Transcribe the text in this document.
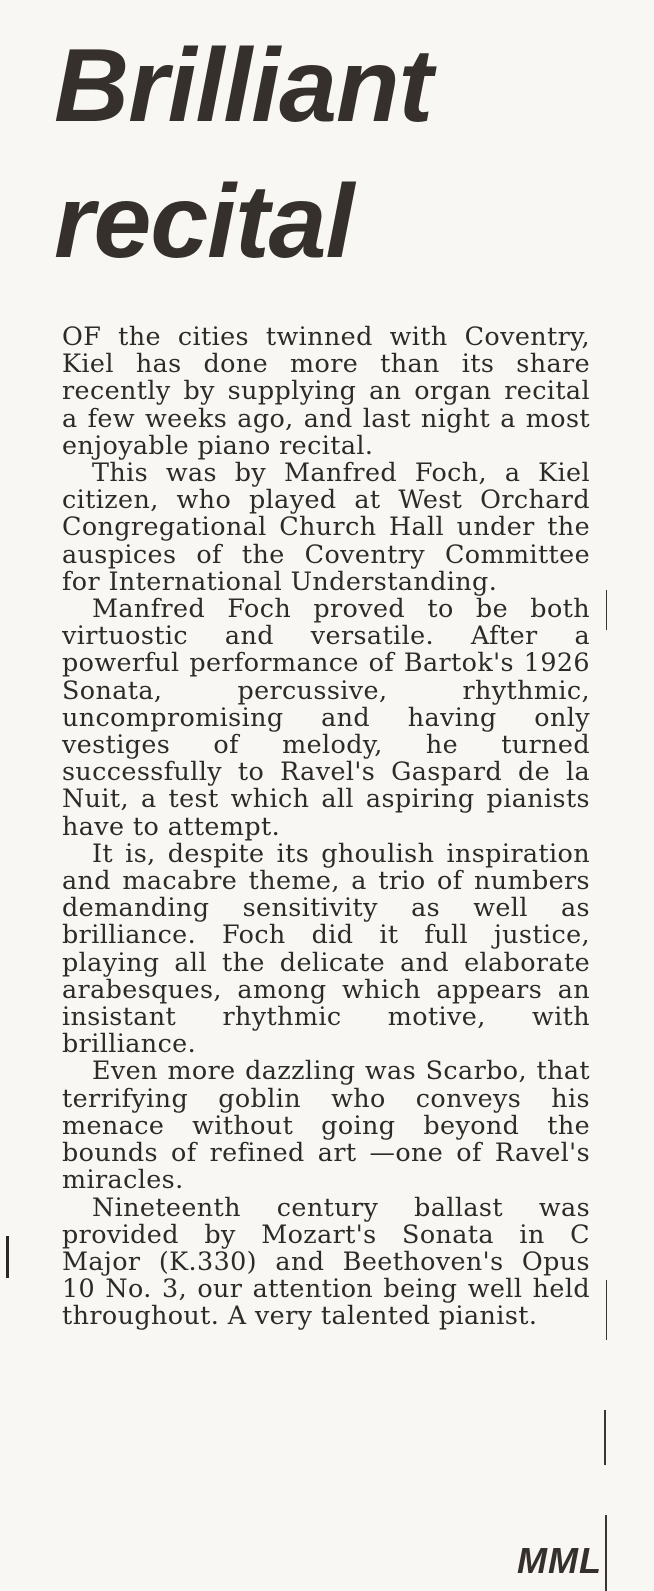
Brilliant
recital

OF the cities twinned with Coventry, Kiel has done more than its share recently by supplying an organ recital a few weeks ago, and last night a most enjoyable piano recital.

This was by Manfred Foch, a Kiel citizen, who played at West Orchard Congregational Church Hall under the auspices of the Coventry Committee for International Understanding.

Manfred Foch proved to be both virtuostic and versatile. After a powerful performance of Bartok's 1926 Sonata, percussive, rhythmic, uncompromising and having only vestiges of melody, he turned successfully to Ravel's Gaspard de la Nuit, a test which all aspiring pianists have to attempt.

It is, despite its ghoulish inspiration and macabre theme, a trio of numbers demanding sensitivity as well as brilliance. Foch did it full justice, playing all the delicate and elaborate arabesques, among which appears an insistant rhythmic motive, with brilliance.

Even more dazzling was Scarbo, that terrifying goblin who conveys his menace without going beyond the bounds of refined art —one of Ravel's miracles.

Nineteenth century ballast was provided by Mozart's Sonata in C Major (K.330) and Beethoven's Opus 10 No. 3, our attention being well held throughout. A very talented pianist.

MML
